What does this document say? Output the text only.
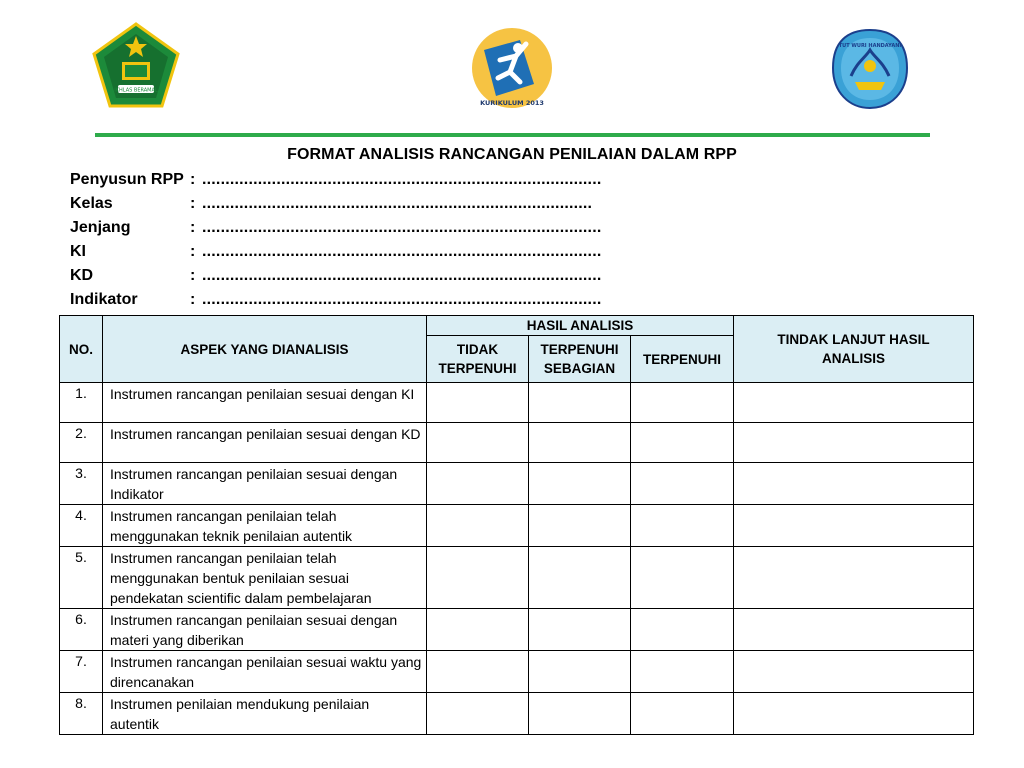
IKHLAS BERAMAL
KURIKULUM 2013
TUT WURI HANDAYANI
FORMAT ANALISIS RANCANGAN PENILAIAN DALAM RPP
Penyusun RPP : ......................................................................................
Kelas	: ....................................................................................
Jenjang	: ......................................................................................
KI	: ......................................................................................
KD	: ......................................................................................
Indikator	: ......................................................................................
NO.	ASPEK YANG DIANALISIS	HASIL ANALISIS			TINDAK LANJUT HASIL ANALISIS
		TIDAK TERPENUHI	TERPENUHI SEBAGIAN	TERPENUHI	
1.	Instrumen rancangan penilaian sesuai dengan KI				
2.	Instrumen rancangan penilaian sesuai dengan KD				
3.	Instrumen rancangan penilaian sesuai dengan Indikator				
4.	Instrumen rancangan penilaian telah menggunakan teknik penilaian autentik				
5.	Instrumen rancangan penilaian telah menggunakan bentuk penilaian sesuai pendekatan scientific dalam pembelajaran				
6.	Instrumen rancangan penilaian sesuai dengan materi yang diberikan				
7.	Instrumen rancangan penilaian sesuai waktu yang direncanakan				
8.	Instrumen penilaian mendukung penilaian autentik				
